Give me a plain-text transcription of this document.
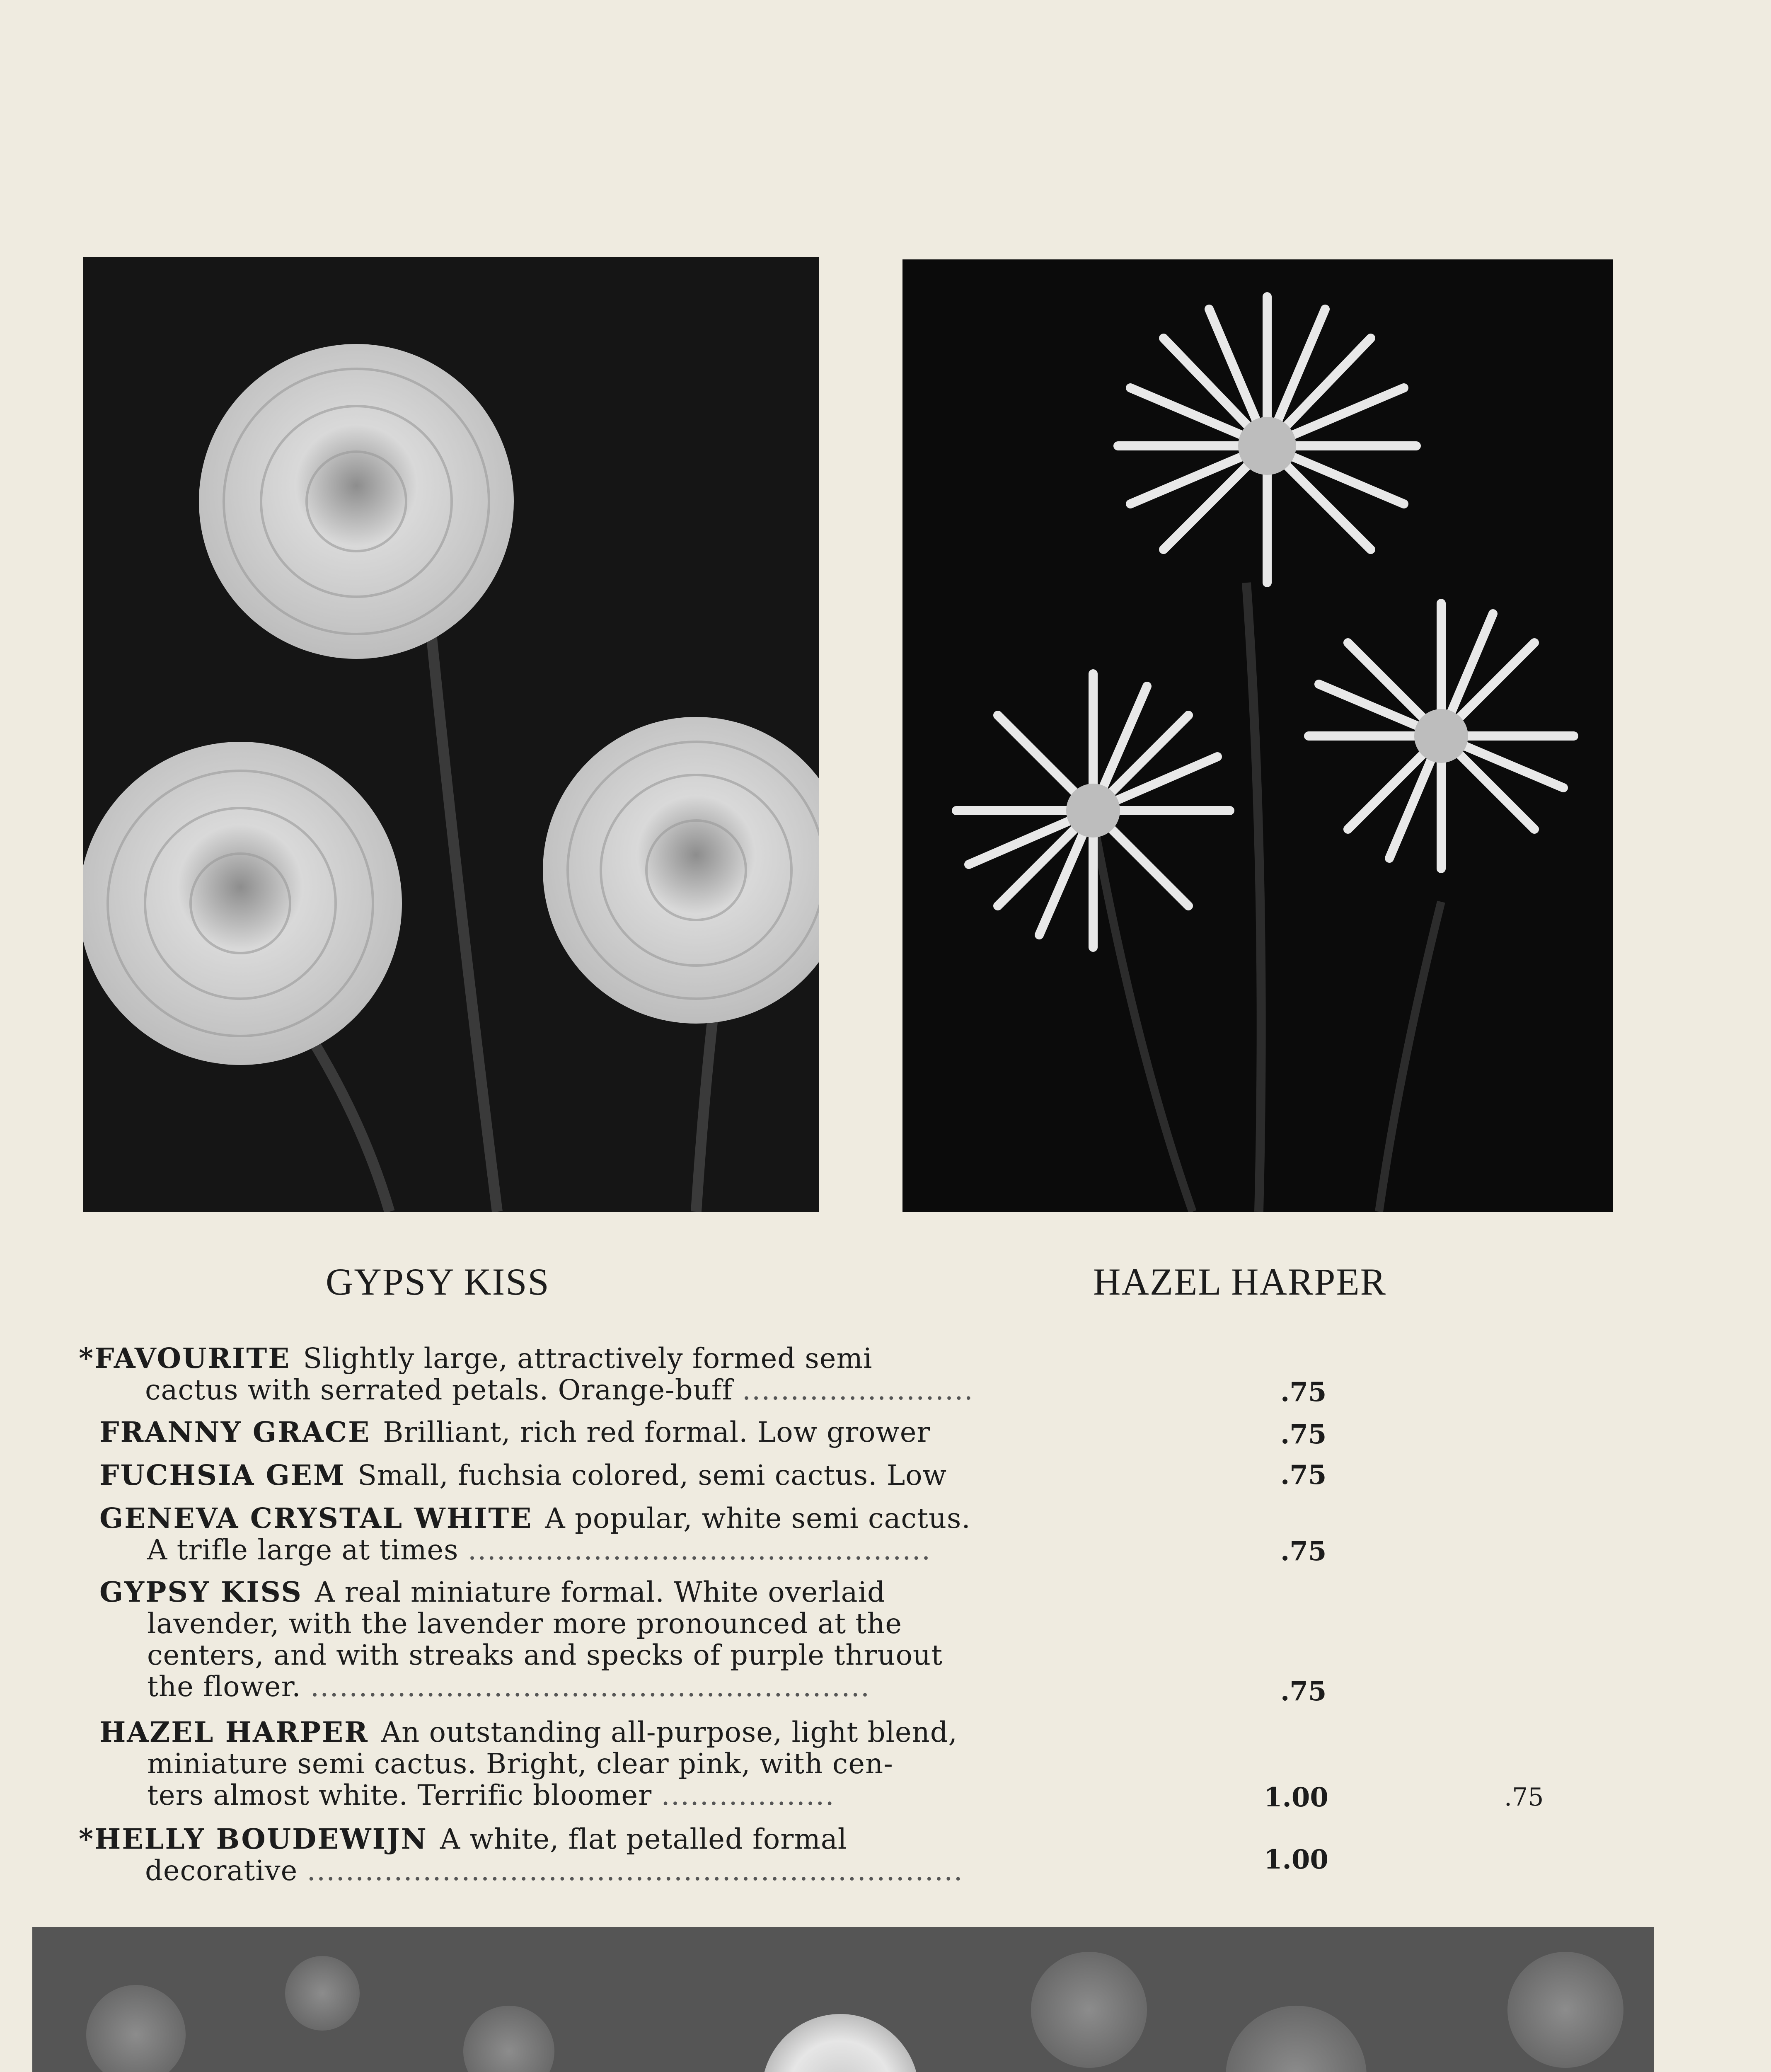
GYPSY KISS	HAZEL HARPER
*FAVOURITE Slightly large, attractively formed semi
cactus with serrated petals. Orange-buff ........................	.75
FRANNY GRACE Brilliant, rich red formal. Low grower	.75
FUCHSIA GEM Small, fuchsia colored, semi cactus. Low	.75
GENEVA CRYSTAL WHITE A popular, white semi cactus.
A trifle large at times ................................................	.75
GYPSY KISS A real miniature formal. White overlaid
lavender, with the lavender more pronounced at the
centers, and with streaks and specks of purple thruout
the flower. ..........................................................	.75
HAZEL HARPER An outstanding all-purpose, light blend,
miniature semi cactus. Bright, clear pink, with cen-
ters almost white. Terrific bloomer ..................	1.00	.75
*HELLY BOUDEWIJN A white, flat petalled formal
decorative ....................................................................	1.00
